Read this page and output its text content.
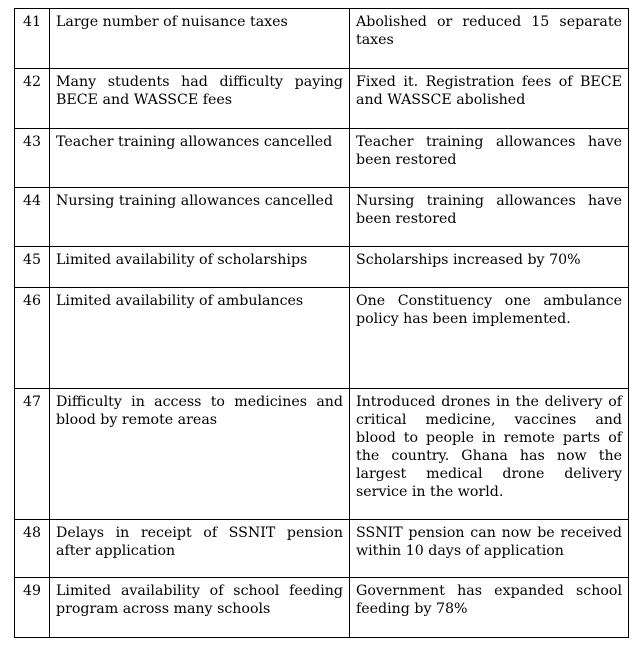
41	Large number of nuisance taxes	Abolished or reduced 15 separate taxes
42	Many students had difficulty paying BECE and WASSCE fees	Fixed it. Registration fees of BECE and WASSCE abolished
43	Teacher training allowances cancelled	Teacher training allowances have been restored
44	Nursing training allowances cancelled	Nursing training allowances have been restored
45	Limited availability of scholarships	Scholarships increased by 70%
46	Limited availability of ambulances	One Constituency one ambulance policy has been implemented.
47	Difficulty in access to medicines and blood by remote areas	Introduced drones in the delivery of critical medicine, vaccines and blood to people in remote parts of the country. Ghana has now the largest medical drone delivery service in the world.
48	Delays in receipt of SSNIT pension after application	SSNIT pension can now be received within 10 days of application
49	Limited availability of school feeding program across many schools	Government has expanded school feeding by 78%
